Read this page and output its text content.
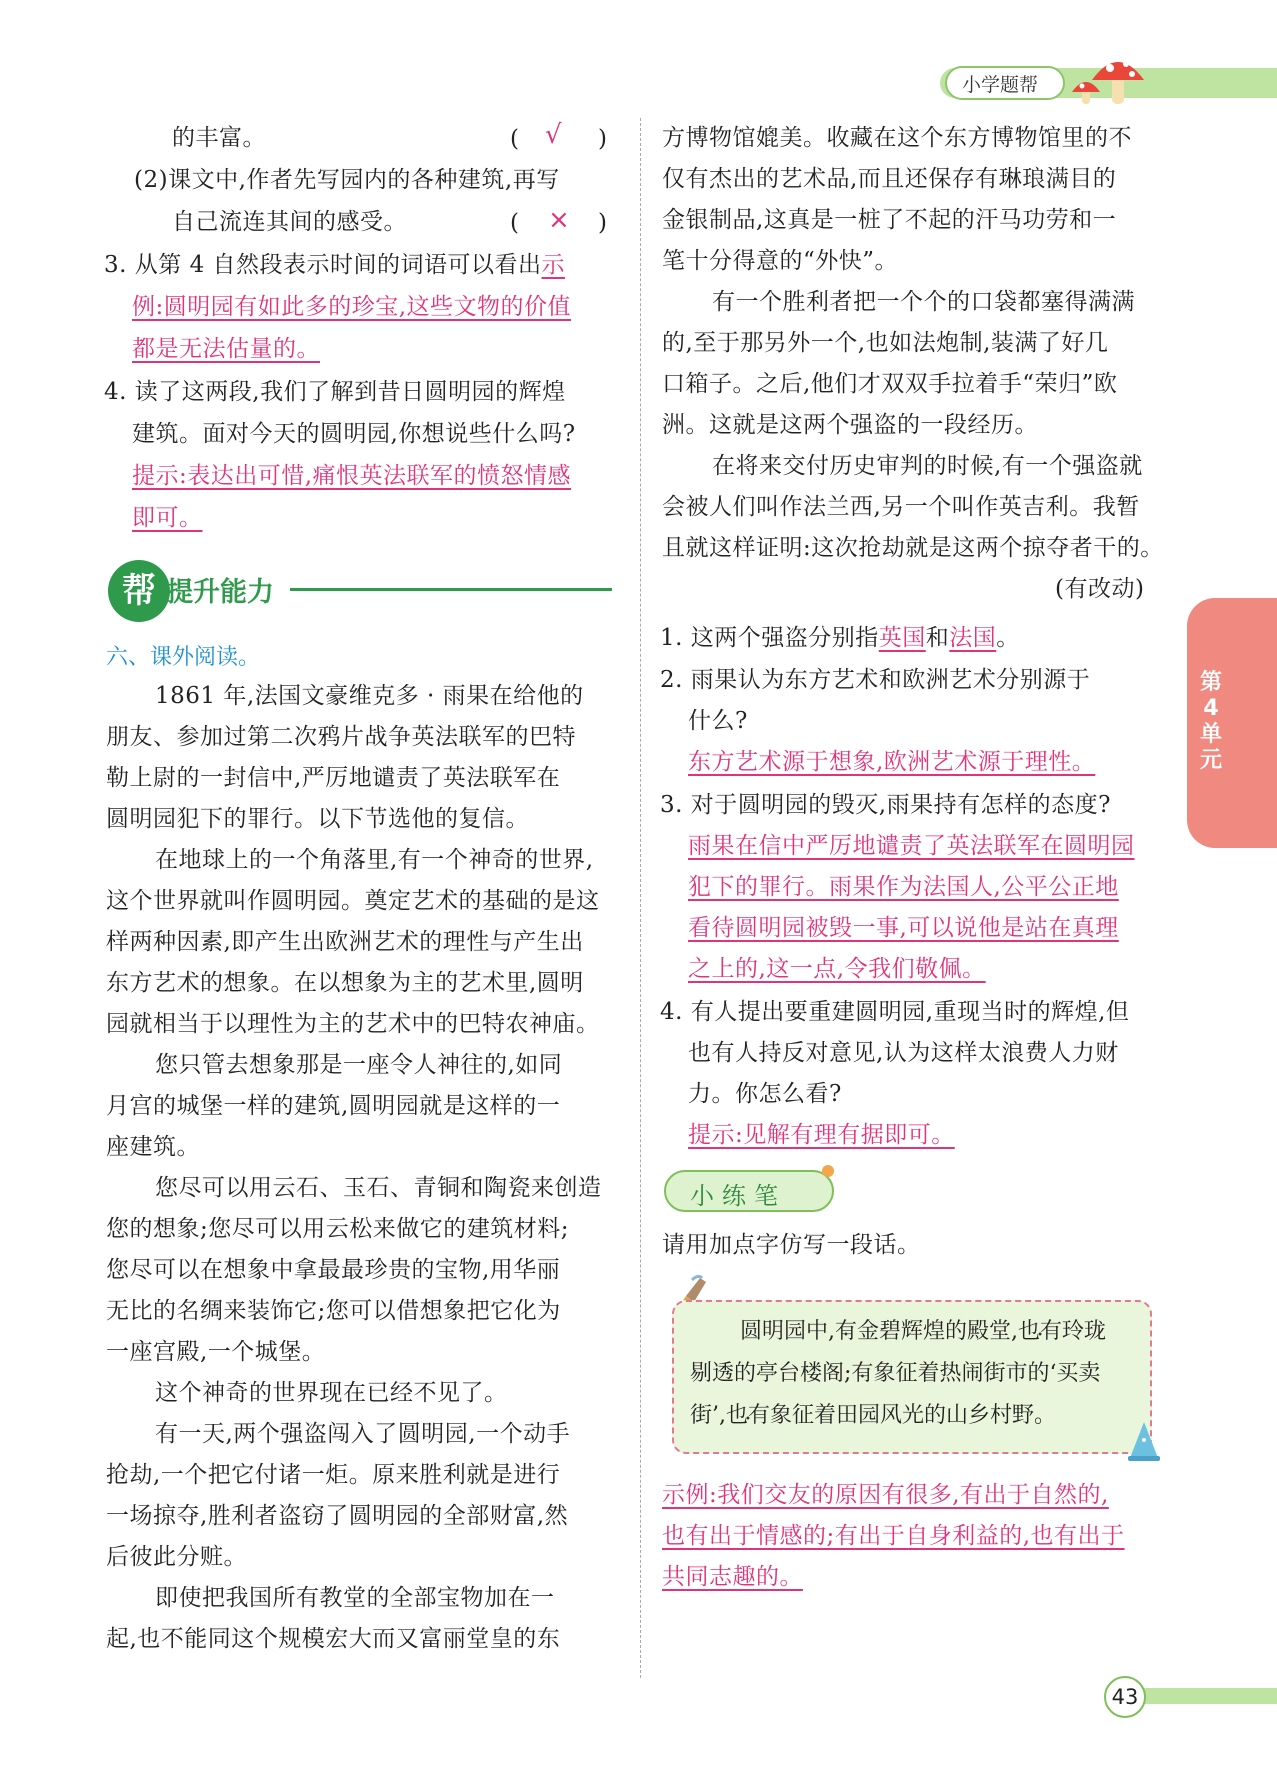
小学题帮
的丰富。	( √ )
(2)课文中,作者先写园内的各种建筑,再写
自己流连其间的感受。	( × )
3. 从第 4 自然段表示时间的词语可以看出示
例:圆明园有如此多的珍宝,这些文物的价值
都是无法估量的。
4. 读了这两段,我们了解到昔日圆明园的辉煌
建筑。面对今天的圆明园,你想说些什么吗?
提示:表达出可惜,痛恨英法联军的愤怒情感
即可。
帮 提升能力
六、课外阅读。
1861 年,法国文豪维克多 · 雨果在给他的
朋友、参加过第二次鸦片战争英法联军的巴特
勒上尉的一封信中,严厉地谴责了英法联军在
圆明园犯下的罪行。以下节选他的复信。
在地球上的一个角落里,有一个神奇的世界,
这个世界就叫作圆明园。奠定艺术的基础的是这
样两种因素,即产生出欧洲艺术的理性与产生出
东方艺术的想象。在以想象为主的艺术里,圆明
园就相当于以理性为主的艺术中的巴特农神庙。
您只管去想象那是一座令人神往的,如同
月宫的城堡一样的建筑,圆明园就是这样的一
座建筑。
您尽可以用云石、玉石、青铜和陶瓷来创造
您的想象;您尽可以用云松来做它的建筑材料;
您尽可以在想象中拿最最珍贵的宝物,用华丽
无比的名绸来装饰它;您可以借想象把它化为
一座宫殿,一个城堡。
这个神奇的世界现在已经不见了。
有一天,两个强盗闯入了圆明园,一个动手
抢劫,一个把它付诸一炬。原来胜利就是进行
一场掠夺,胜利者盗窃了圆明园的全部财富,然
后彼此分赃。
即使把我国所有教堂的全部宝物加在一
起,也不能同这个规模宏大而又富丽堂皇的东
方博物馆媲美。收藏在这个东方博物馆里的不
仅有杰出的艺术品,而且还保存有琳琅满目的
金银制品,这真是一桩了不起的汗马功劳和一
笔十分得意的“外快”。
有一个胜利者把一个个的口袋都塞得满满
的,至于那另外一个,也如法炮制,装满了好几
口箱子。之后,他们才双双手拉着手“荣归”欧
洲。这就是这两个强盗的一段经历。
在将来交付历史审判的时候,有一个强盗就
会被人们叫作法兰西,另一个叫作英吉利。我暂
且就这样证明:这次抢劫就是这两个掠夺者干的。
(有改动)
1. 这两个强盗分别指英国和法国。
2. 雨果认为东方艺术和欧洲艺术分别源于
什么?
东方艺术源于想象,欧洲艺术源于理性。
3. 对于圆明园的毁灭,雨果持有怎样的态度?
雨果在信中严厉地谴责了英法联军在圆明园
犯下的罪行。雨果作为法国人,公平公正地
看待圆明园被毁一事,可以说他是站在真理
之上的,这一点,令我们敬佩。
4. 有人提出要重建圆明园,重现当时的辉煌,但
也有人持反对意见,认为这样太浪费人力财
力。你怎么看?
提示:见解有理有据即可。
小练笔
请用加点字仿写一段话。
圆明园中,有 •金碧辉煌的殿堂,也有 •玲珑
剔透的亭台楼阁;有 •象征着热闹街市的‘买卖
街’,也有 •象征着田园风光的山乡村野。
示例:我们交友的原因有很多,有出于自然的,
也有出于情感的;有出于自身利益的,也有出于
共同志趣的。
第
4
单
元
43
